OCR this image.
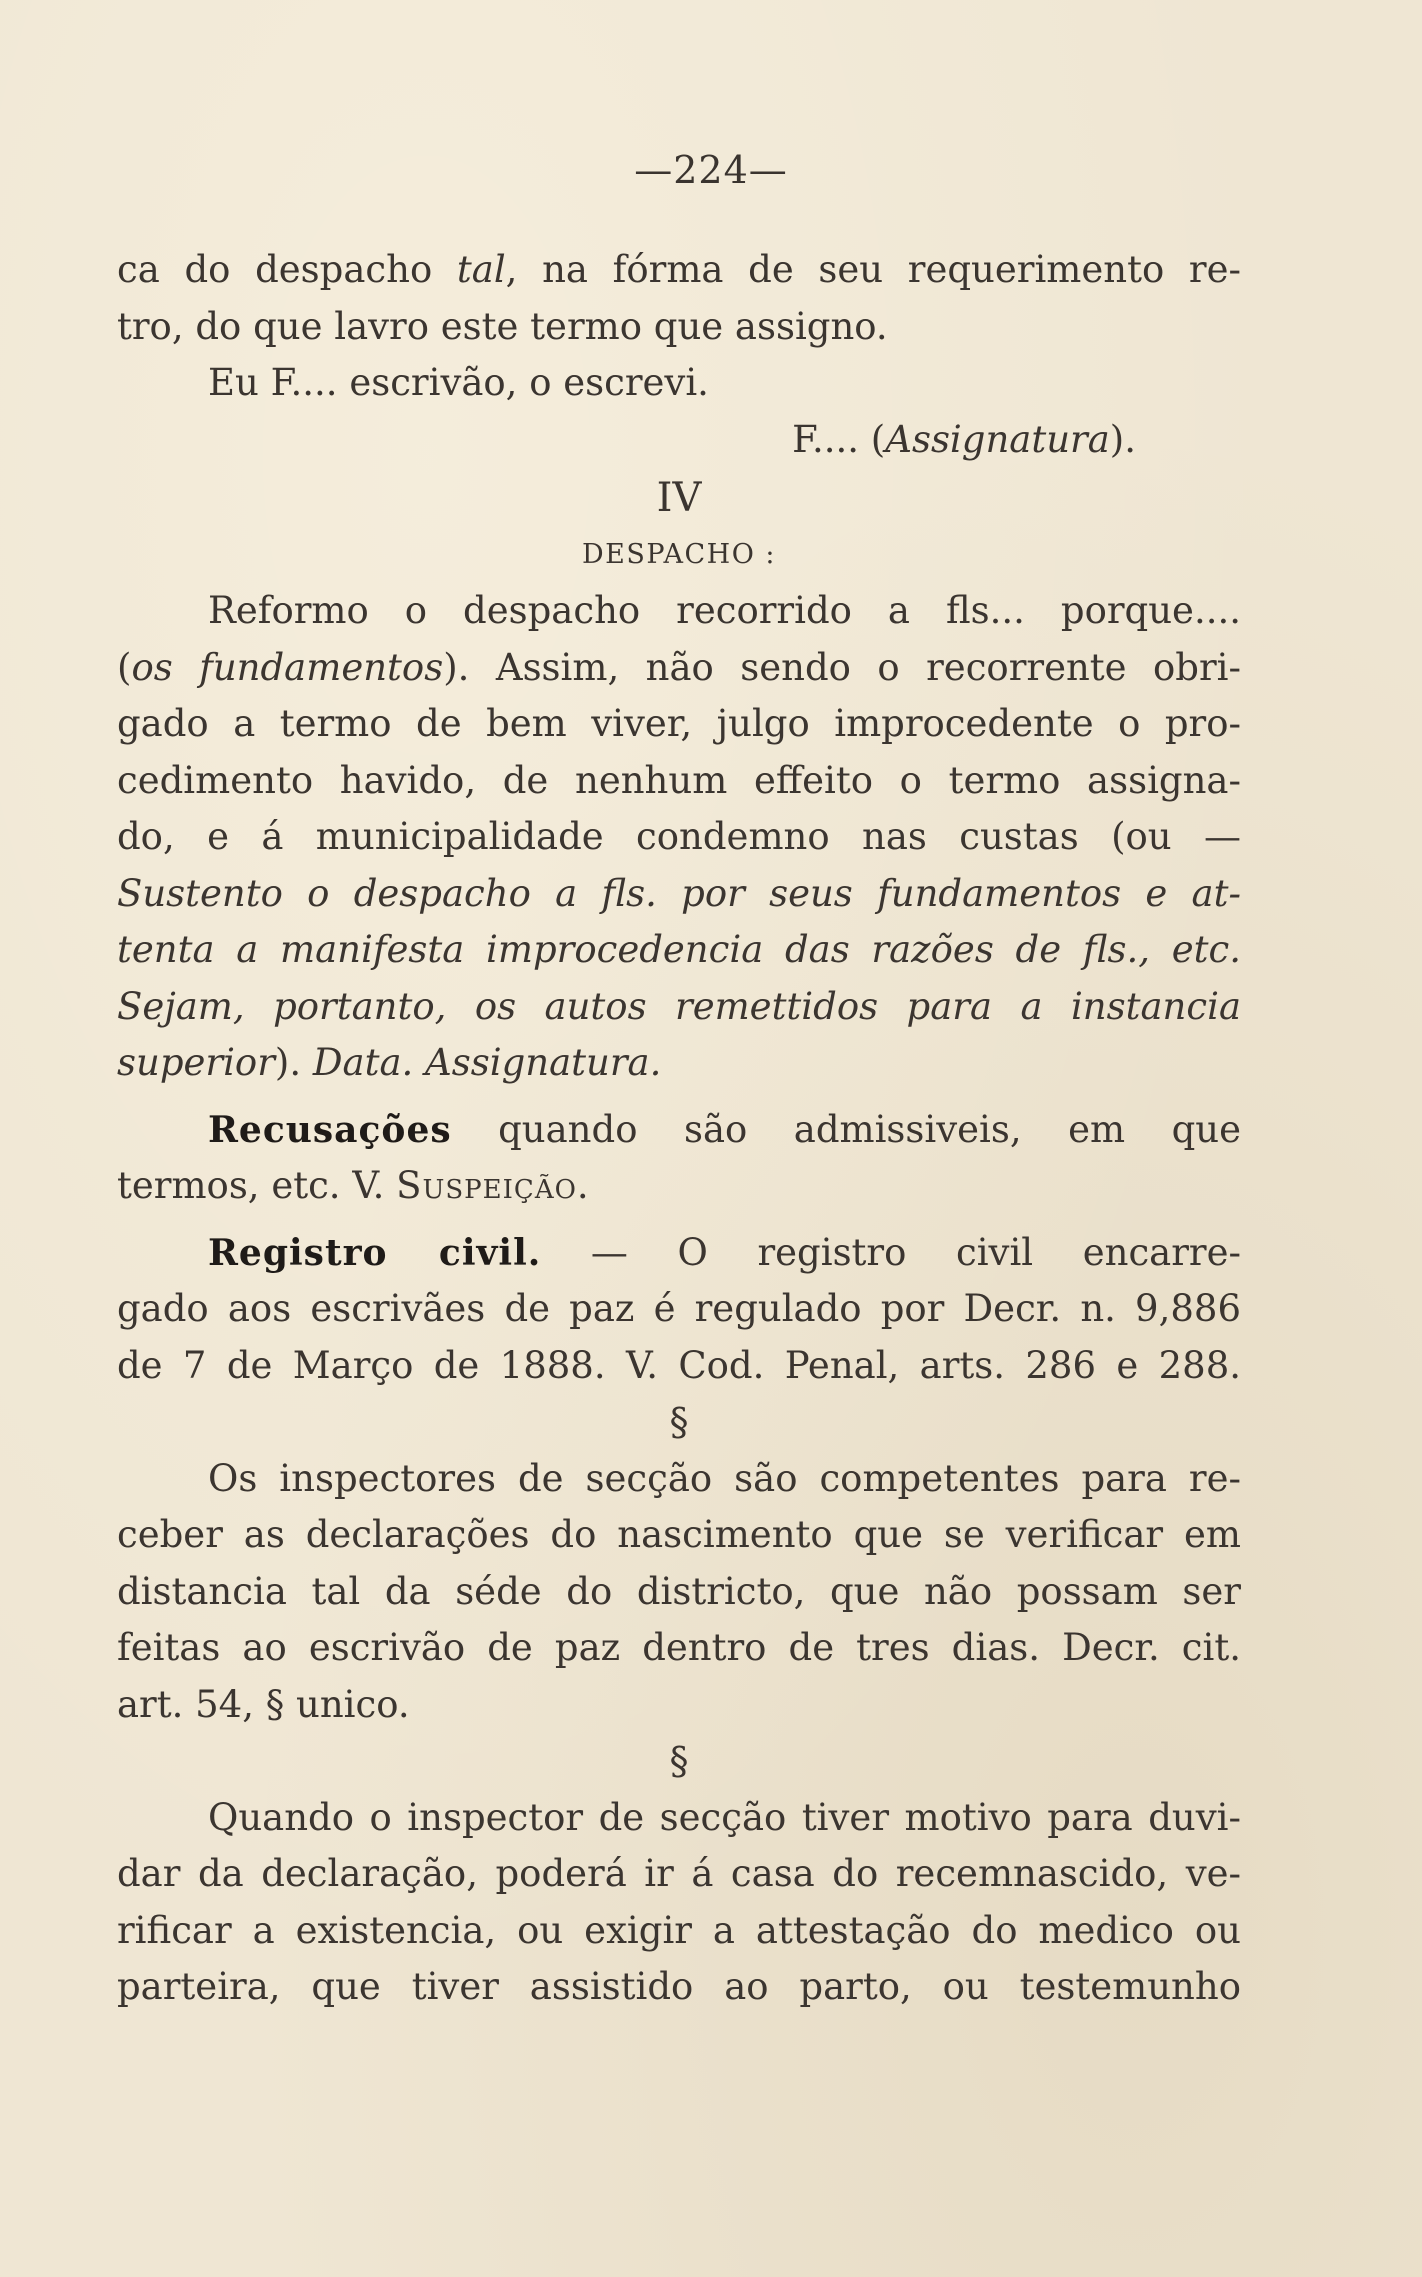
—224—
ca do despacho tal, na fórma de seu requerimento re-
tro, do que lavro este termo que assigno.
Eu F.... escrivão, o escrevi.
F.... (Assignatura).
IV
DESPACHO :
Reformo o despacho recorrido a fls... porque....
(os fundamentos). Assim, não sendo o recorrente obri-
gado a termo de bem viver, julgo improcedente o pro-
cedimento havido, de nenhum effeito o termo assigna-
do, e á municipalidade condemno nas custas (ou —
Sustento o despacho a fls. por seus fundamentos e at-
tenta a manifesta improcedencia das razões de fls., etc.
Sejam, portanto, os autos remettidos para a instancia
superior). Data. Assignatura.
Recusações quando são admissiveis, em que
termos, etc. V. Suspeição.
Registro civil. — O registro civil encarre-
gado aos escrivães de paz é regulado por Decr. n. 9,886
de 7 de Março de 1888. V. Cod. Penal, arts. 286 e 288.
§
Os inspectores de secção são competentes para re-
ceber as declarações do nascimento que se verificar em
distancia tal da séde do districto, que não possam ser
feitas ao escrivão de paz dentro de tres dias. Decr. cit.
art. 54, § unico.
§
Quando o inspector de secção tiver motivo para duvi-
dar da declaração, poderá ir á casa do recemnascido, ve-
rificar a existencia, ou exigir a attestação do medico ou
parteira, que tiver assistido ao parto, ou testemunho
